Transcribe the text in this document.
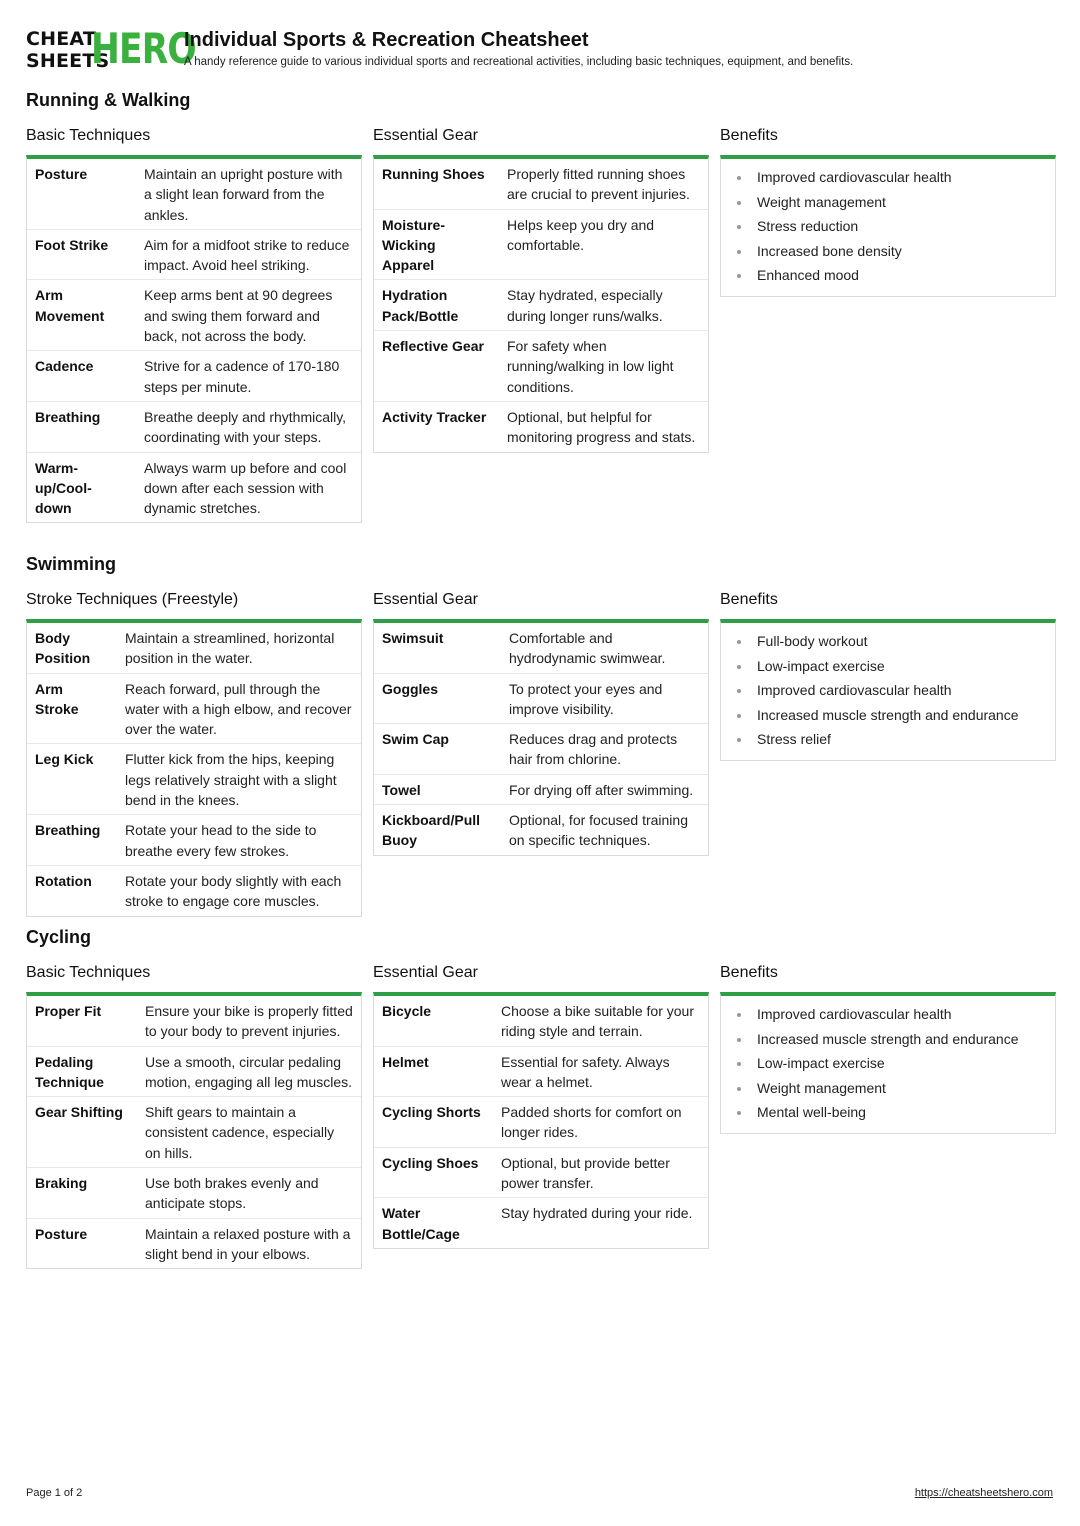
CHEAT
SHEETS
HERO
Individual Sports & Recreation Cheatsheet
A handy reference guide to various individual sports and recreational activities, including basic techniques, equipment, and benefits.
Running & Walking
Basic Techniques
Posture	Maintain an upright posture with a slight lean forward from the ankles.
Foot Strike	Aim for a midfoot strike to reduce impact. Avoid heel striking.
Arm Movement	Keep arms bent at 90 degrees and swing them forward and back, not across the body.
Cadence	Strive for a cadence of 170-180 steps per minute.
Breathing	Breathe deeply and rhythmically, coordinating with your steps.
Warm-up/Cool-down	Always warm up before and cool down after each session with dynamic stretches.
Essential Gear
Running Shoes	Properly fitted running shoes are crucial to prevent injuries.
Moisture-Wicking Apparel	Helps keep you dry and comfortable.
Hydration Pack/Bottle	Stay hydrated, especially during longer runs/walks.
Reflective Gear	For safety when running/walking in low light conditions.
Activity Tracker	Optional, but helpful for monitoring progress and stats.
Benefits
Improved cardiovascular health
Weight management
Stress reduction
Increased bone density
Enhanced mood
Swimming
Stroke Techniques (Freestyle)
Body Position	Maintain a streamlined, horizontal position in the water.
Arm Stroke	Reach forward, pull through the water with a high elbow, and recover over the water.
Leg Kick	Flutter kick from the hips, keeping legs relatively straight with a slight bend in the knees.
Breathing	Rotate your head to the side to breathe every few strokes.
Rotation	Rotate your body slightly with each stroke to engage core muscles.
Essential Gear
Swimsuit	Comfortable and hydrodynamic swimwear.
Goggles	To protect your eyes and improve visibility.
Swim Cap	Reduces drag and protects hair from chlorine.
Towel	For drying off after swimming.
Kickboard/Pull Buoy	Optional, for focused training on specific techniques.
Benefits
Full-body workout
Low-impact exercise
Improved cardiovascular health
Increased muscle strength and endurance
Stress relief
Cycling
Basic Techniques
Proper Fit	Ensure your bike is properly fitted to your body to prevent injuries.
Pedaling Technique	Use a smooth, circular pedaling motion, engaging all leg muscles.
Gear Shifting	Shift gears to maintain a consistent cadence, especially on hills.
Braking	Use both brakes evenly and anticipate stops.
Posture	Maintain a relaxed posture with a slight bend in your elbows.
Essential Gear
Bicycle	Choose a bike suitable for your riding style and terrain.
Helmet	Essential for safety. Always wear a helmet.
Cycling Shorts	Padded shorts for comfort on longer rides.
Cycling Shoes	Optional, but provide better power transfer.
Water Bottle/Cage	Stay hydrated during your ride.
Benefits
Improved cardiovascular health
Increased muscle strength and endurance
Low-impact exercise
Weight management
Mental well-being
Page 1 of 2	https://cheatsheetshero.com
